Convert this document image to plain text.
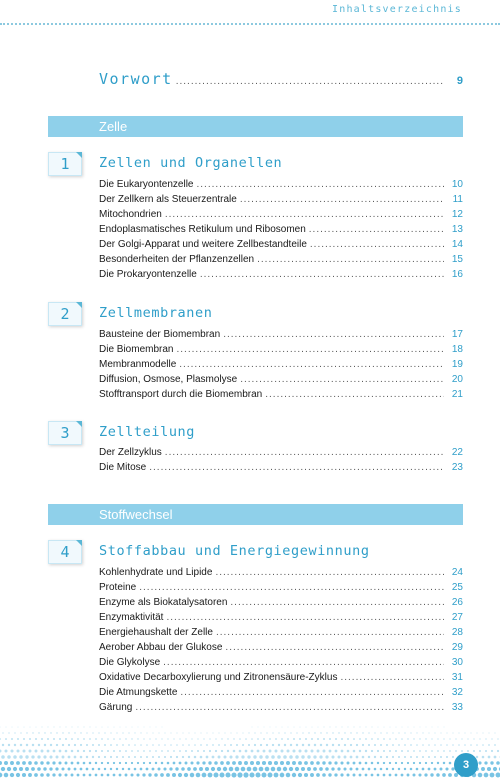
Inhaltsverzeichnis
Vorwort .....	9
Zelle
1	Zellen und Organellen
Die Eukaryontenzelle .....	10
Der Zellkern als Steuerzentrale .....	11
Mitochondrien .....	12
Endoplasmatisches Retikulum und Ribosomen .....	13
Der Golgi-Apparat und weitere Zellbestandteile .....	14
Besonderheiten der Pflanzenzellen .....	15
Die Prokaryontenzelle .....	16
2	Zellmembranen
Bausteine der Biomembran .....	17
Die Biomembran .....	18
Membranmodelle .....	19
Diffusion, Osmose, Plasmolyse .....	20
Stofftransport durch die Biomembran .....	21
3	Zellteilung
Der Zellzyklus .....	22
Die Mitose .....	23
Stoffwechsel
4	Stoffabbau und Energiegewinnung
Kohlenhydrate und Lipide .....	24
Proteine .....	25
Enzyme als Biokatalysatoren .....	26
Enzymaktivität .....	27
Energiehaushalt der Zelle .....	28
Aerober Abbau der Glukose .....	29
Die Glykolyse .....	30
Oxidative Decarboxylierung und Zitronensäure-Zyklus .....	31
Die Atmungskette .....	32
Gärung .....	33
3
